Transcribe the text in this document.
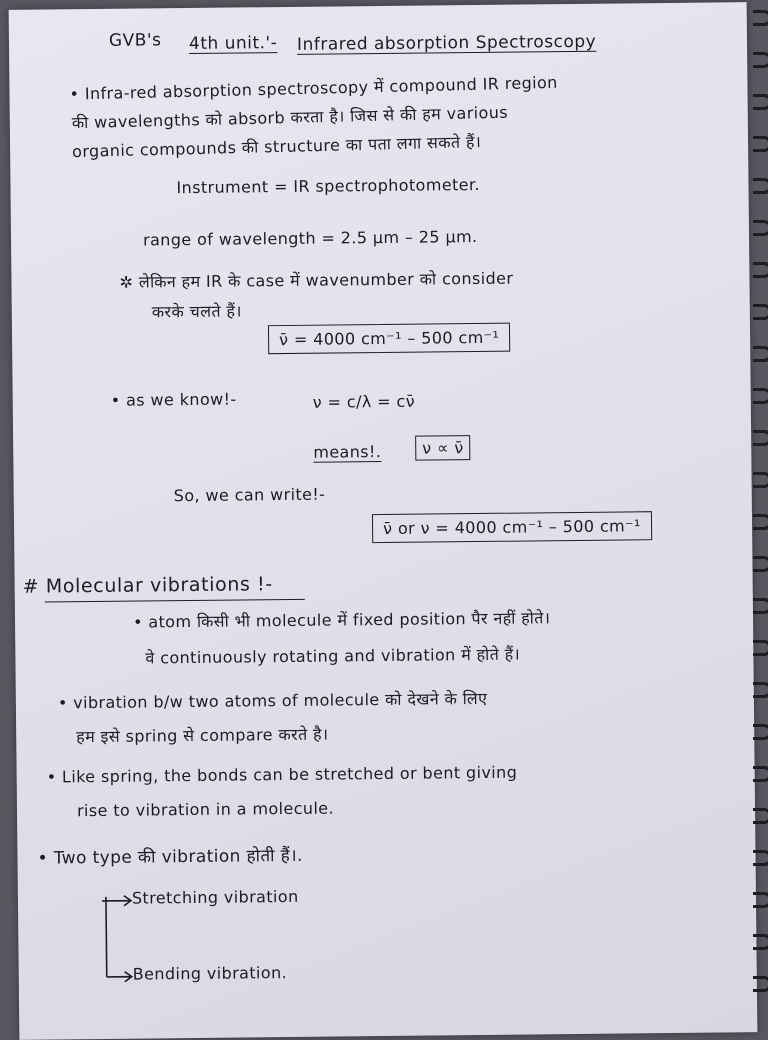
GVB's 4th unit.'- Infrared absorption Spectroscopy
• Infra-red absorption spectroscopy में compound IR region
की wavelengths को absorb करता है। जिस से की हम various
organic compounds की structure का पता लगा सकते हैं।
Instrument = IR spectrophotometer.
range of wavelength = 2.5 µm – 25 µm.
✲ लेकिन हम IR के case में wavenumber को consider
करके चलते हैं।
ν̄ = 4000 cm⁻¹ – 500 cm⁻¹
• as we know!-	ν = c/λ = cν̄
means!.	ν ∝ ν̄
So, we can write!-
ν̄ or ν = 4000 cm⁻¹ – 500 cm⁻¹
# Molecular vibrations !-
• atom किसी भी molecule में fixed position पैर नहीं होते।
वे continuously rotating and vibration में होते हैं।
• vibration b/w two atoms of molecule को देखने के लिए
हम इसे spring से compare करते है।
• Like spring, the bonds can be stretched or bent giving
rise to vibration in a molecule.
• Two type की vibration होती हैं।.
Stretching vibration
Bending vibration.
